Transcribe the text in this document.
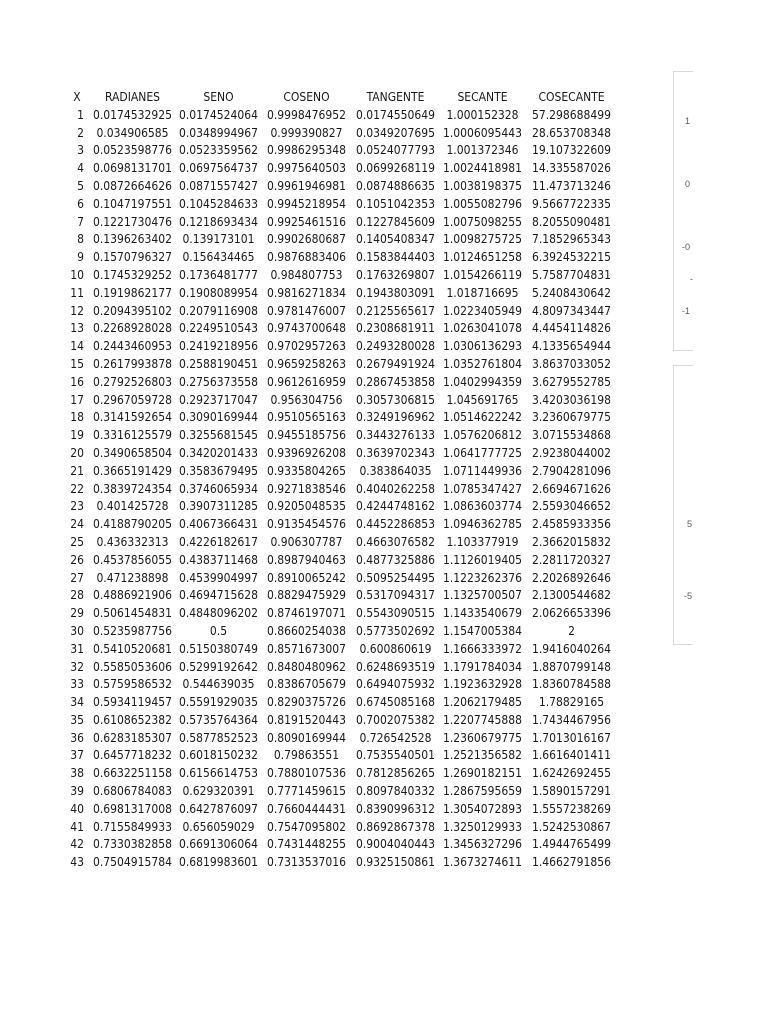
X	RADIANES	SENO	COSENO	TANGENTE	SECANTE	COSECANTE
1	0.0174532925	0.0174524064	0.9998476952	0.0174550649	1.000152328	57.298688499
2	0.034906585	0.0348994967	0.999390827	0.0349207695	1.0006095443	28.653708348
3	0.0523598776	0.0523359562	0.9986295348	0.0524077793	1.001372346	19.107322609
4	0.0698131701	0.0697564737	0.9975640503	0.0699268119	1.0024418981	14.335587026
5	0.0872664626	0.0871557427	0.9961946981	0.0874886635	1.0038198375	11.473713246
6	0.1047197551	0.1045284633	0.9945218954	0.1051042353	1.0055082796	9.5667722335
7	0.1221730476	0.1218693434	0.9925461516	0.1227845609	1.0075098255	8.2055090481
8	0.1396263402	0.139173101	0.9902680687	0.1405408347	1.0098275725	7.1852965343
9	0.1570796327	0.156434465	0.9876883406	0.1583844403	1.0124651258	6.3924532215
10	0.1745329252	0.1736481777	0.984807753	0.1763269807	1.0154266119	5.7587704831
11	0.1919862177	0.1908089954	0.9816271834	0.1943803091	1.018716695	5.2408430642
12	0.2094395102	0.2079116908	0.9781476007	0.2125565617	1.0223405949	4.8097343447
13	0.2268928028	0.2249510543	0.9743700648	0.2308681911	1.0263041078	4.4454114826
14	0.2443460953	0.2419218956	0.9702957263	0.2493280028	1.0306136293	4.1335654944
15	0.2617993878	0.2588190451	0.9659258263	0.2679491924	1.0352761804	3.8637033052
16	0.2792526803	0.2756373558	0.9612616959	0.2867453858	1.0402994359	3.6279552785
17	0.2967059728	0.2923717047	0.956304756	0.3057306815	1.045691765	3.4203036198
18	0.3141592654	0.3090169944	0.9510565163	0.3249196962	1.0514622242	3.2360679775
19	0.3316125579	0.3255681545	0.9455185756	0.3443276133	1.0576206812	3.0715534868
20	0.3490658504	0.3420201433	0.9396926208	0.3639702343	1.0641777725	2.9238044002
21	0.3665191429	0.3583679495	0.9335804265	0.383864035	1.0711449936	2.7904281096
22	0.3839724354	0.3746065934	0.9271838546	0.4040262258	1.0785347427	2.6694671626
23	0.401425728	0.3907311285	0.9205048535	0.4244748162	1.0863603774	2.5593046652
24	0.4188790205	0.4067366431	0.9135454576	0.4452286853	1.0946362785	2.4585933356
25	0.436332313	0.4226182617	0.906307787	0.4663076582	1.103377919	2.3662015832
26	0.4537856055	0.4383711468	0.8987940463	0.4877325886	1.1126019405	2.2811720327
27	0.471238898	0.4539904997	0.8910065242	0.5095254495	1.1223262376	2.2026892646
28	0.4886921906	0.4694715628	0.8829475929	0.5317094317	1.1325700507	2.1300544682
29	0.5061454831	0.4848096202	0.8746197071	0.5543090515	1.1433540679	2.0626653396
30	0.5235987756	0.5	0.8660254038	0.5773502692	1.1547005384	2
31	0.5410520681	0.5150380749	0.8571673007	0.600860619	1.1666333972	1.9416040264
32	0.5585053606	0.5299192642	0.8480480962	0.6248693519	1.1791784034	1.8870799148
33	0.5759586532	0.544639035	0.8386705679	0.6494075932	1.1923632928	1.8360784588
34	0.5934119457	0.5591929035	0.8290375726	0.6745085168	1.2062179485	1.78829165
35	0.6108652382	0.5735764364	0.8191520443	0.7002075382	1.2207745888	1.7434467956
36	0.6283185307	0.5877852523	0.8090169944	0.726542528	1.2360679775	1.7013016167
37	0.6457718232	0.6018150232	0.79863551	0.7535540501	1.2521356582	1.6616401411
38	0.6632251158	0.6156614753	0.7880107536	0.7812856265	1.2690182151	1.6242692455
39	0.6806784083	0.629320391	0.7771459615	0.8097840332	1.2867595659	1.5890157291
40	0.6981317008	0.6427876097	0.7660444431	0.8390996312	1.3054072893	1.5557238269
41	0.7155849933	0.656059029	0.7547095802	0.8692867378	1.3250129933	1.5242530867
42	0.7330382858	0.6691306064	0.7431448255	0.9004040443	1.3456327296	1.4944765499
43	0.7504915784	0.6819983601	0.7313537016	0.9325150861	1.3673274611	1.4662791856
1
0
-0
-
-1
5
-5
